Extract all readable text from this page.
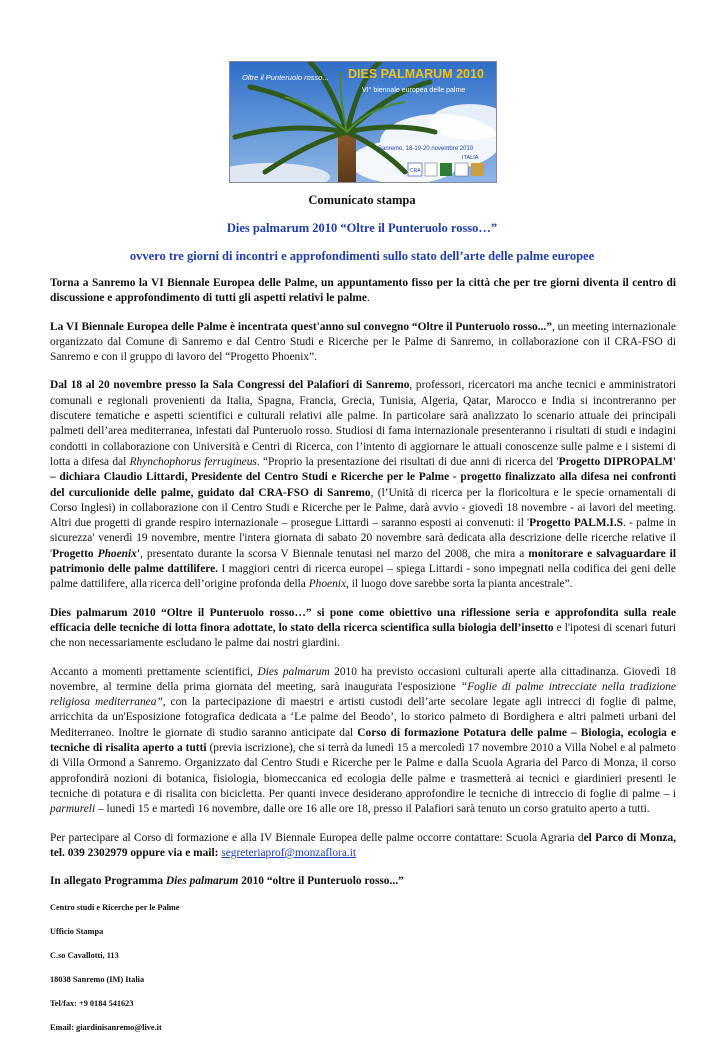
Oltre il Punteruolo rosso... DIES PALMARUM 2010
VI° biennale europea delle palme
Sanremo, 18-19-20 novembre 2010
ITALIA
CRA
Comunicato stampa
Dies palmarum 2010 “Oltre il Punteruolo rosso…”
ovvero tre giorni di incontri e approfondimenti sullo stato dell’arte delle palme europee

Torna a Sanremo la VI Biennale Europea delle Palme, un appuntamento fisso per la città che per tre giorni diventa il centro di discussione e approfondimento di tutti gli aspetti relativi le palme.

La VI Biennale Europea delle Palme è incentrata quest'anno sul convegno “Oltre il Punteruolo rosso...”, un meeting internazionale organizzato dal Comune di Sanremo e dal Centro Studi e Ricerche per le Palme di Sanremo, in collaborazione con il CRA-FSO di Sanremo e con il gruppo di lavoro del “Progetto Phoenix”.

Dal 18 al 20 novembre presso la Sala Congressi del Palafiori di Sanremo, professori, ricercatori ma anche tecnici e amministratori comunali e regionali provenienti da Italia, Spagna, Francia, Grecia, Tunisia, Algeria, Qatar, Marocco e India si incontreranno per discutere tematiche e aspetti scientifici e culturali relativi alle palme. In particolare sarà analizzato lo scenario attuale dei principali palmeti dell’area mediterranea, infestati dal Punteruolo rosso. Studiosi di fama internazionale presenteranno i risultati di studi e indagini condotti in collaborazione con Università e Centri di Ricerca, con l’intento di aggiornare le attuali conoscenze sulle palme e i sistemi di lotta a difesa dal Rhynchophorus ferrugineus. “Proprio la presentazione dei risultati di due anni di ricerca del 'Progetto DIPROPALM' – dichiara Claudio Littardi, Presidente del Centro Studi e Ricerche per le Palme - progetto finalizzato alla difesa nei confronti del curculionide delle palme, guidato dal CRA-FSO di Sanremo, (l’Unità di ricerca per la floricoltura e le specie ornamentali di Corso Inglesi) in collaborazione con il Centro Studi e Ricerche per le Palme, darà avvio - giovedì 18 novembre - ai lavori del meeting. Altri due progetti di grande respiro internazionale – prosegue Littardi – saranno esposti ai convenuti: il 'Progetto PALM.I.S. - palme in sicurezza' venerdì 19 novembre, mentre l'intera giornata di sabato 20 novembre sarà dedicata alla descrizione delle ricerche relative il 'Progetto Phoenix', presentato durante la scorsa V Biennale tenutasi nel marzo del 2008, che mira a monitorare e salvaguardare il patrimonio delle palme dattilifere. I maggiori centri di ricerca europei – spiega Littardi - sono impegnati nella codifica dei geni delle palme dattilifere, alla ricerca dell’origine profonda della Phoenix, il luogo dove sarebbe sorta la pianta ancestrale”.

Dies palmarum 2010 “Oltre il Punteruolo rosso…” si pone come obiettivo una riflessione seria e approfondita sulla reale efficacia delle tecniche di lotta finora adottate, lo stato della ricerca scientifica sulla biologia dell’insetto e l'ipotesi di scenari futuri che non necessariamente escludano le palme dai nostri giardini.

Accanto a momenti prettamente scientifici, Dies palmarum 2010 ha previsto occasioni culturali aperte alla cittadinanza. Giovedì 18 novembre, al termine della prima giornata del meeting, sarà inaugurata l'esposizione “Foglie di palme intrecciate nella tradizione religiosa mediterranea”, con la partecipazione di maestri e artisti custodi dell’arte secolare legate agli intrecci di foglie di palme, arricchita da un'Esposizione fotografica dedicata a ‘Le palme del Beodo’, lo storico palmeto di Bordighera e altri palmeti urbani del Mediterraneo. Inoltre le giornate di studio saranno anticipate dal Corso di formazione Potatura delle palme – Biologia, ecologia e tecniche di risalita aperto a tutti (previa iscrizione), che si terrà da lunedì 15 a mercoledì 17 novembre 2010 a Villa Nobel e al palmeto di Villa Ormond a Sanremo. Organizzato dal Centro Studi e Ricerche per le Palme e dalla Scuola Agraria del Parco di Monza, il corso approfondirà nozioni di botanica, fisiologia, biomeccanica ed ecologia delle palme e trasmetterà ai tecnici e giardinieri presenti le tecniche di potatura e di risalita con bicicletta. Per quanti invece desiderano approfondire le tecniche di intreccio di foglie di palme – i parmureli – lunedì 15 e martedì 16 novembre, dalle ore 16 alle ore 18, presso il Palafiori sarà tenuto un corso gratuito aperto a tutti.

Per partecipare al Corso di formazione e alla IV Biennale Europea delle palme occorre contattare: Scuola Agraria del Parco di Monza, tel. 039 2302979 oppure via e mail: segreteriaprof@monzaflora.it

In allegato Programma Dies palmarum 2010 “oltre il Punteruolo rosso...”

Centro studi e Ricerche per le Palme
Ufficio Stampa
C.so Cavallotti, 113
18038 Sanremo (IM) Italia
Tel/fax: +9 0184 541623
Email: giardinisanremo@live.it
